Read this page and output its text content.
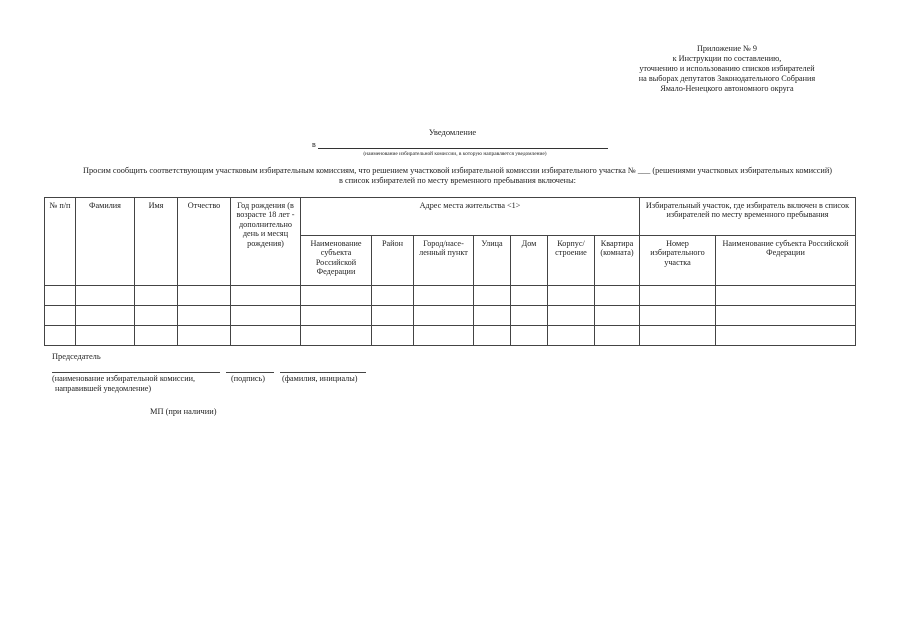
Приложение № 9
к Инструкции по составлению,
уточнению и использованию списков избирателей
на выборах депутатов Законодательного Собрания
Ямало-Ненецкого автономного округа
Уведомление
в
(наименование избирательной комиссии, в которую направляется уведомление)
Просим сообщить соответствующим участковым избирательным комиссиям, что решением участковой избирательной комиссии избирательного участка № ___ (решениями участковых избирательных комиссий)
в список избирателей по месту временного пребывания включены:
№ п/п	Фамилия	Имя	Отчество	Год рождения (в возрасте 18 лет - дополнительно день и месяц рождения)	Адрес места жительства <1>							Избирательный участок, где избиратель включен в список избирателей по месту временного пребывания	
					Наименование субъекта Российской Федерации	Район	Город/насе- ленный пункт	Улица	Дом	Корпус/ строение	Квартира (комната)	Номер избирательного участка	Наименование субъекта Российской Федерации

Председатель
(наименование избирательной комиссии,
направившей уведомление)
(подпись) (фамилия, инициалы)
МП (при наличии)
